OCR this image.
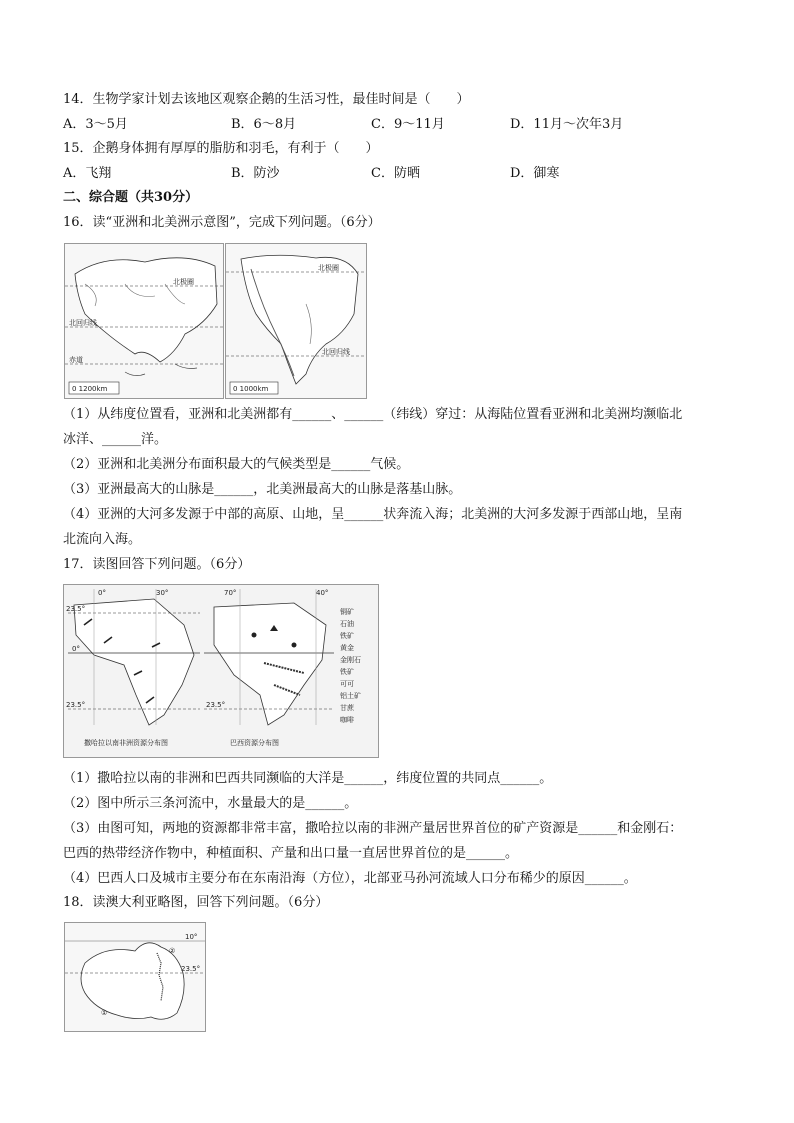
14．生物学家计划去该地区观察企鹅的生活习性，最佳时间是（　　）
A．3～5月	B．6～8月	C．9～11月	D．11月～次年3月
15．企鹅身体拥有厚厚的脂肪和羽毛，有利于（　　）
A．飞翔	B．防沙	C．防晒	D．御寒
二、综合题（共30分）
16．读“亚洲和北美洲示意图”，完成下列问题。（6分）
北极圈
北回归线
赤道
0 1200km
北极圈
北回归线
0 1000km
（1）从纬度位置看，亚洲和北美洲都有______、______（纬线）穿过：从海陆位置看亚洲和北美洲均濒临北
冰洋、______洋。
（2）亚洲和北美洲分布面积最大的气候类型是______气候。
（3）亚洲最高大的山脉是______，北美洲最高大的山脉是落基山脉。
（4）亚洲的大河多发源于中部的高原、山地，呈______状奔流入海；北美洲的大河多发源于西部山地，呈南
北流向入海。
17．读图回答下列问题。（6分）
0°	30°
23.5°
0°
23.5°
70°	40°
23.5°
撒哈拉以南非洲资源分布图	巴西资源分布图
铜矿
石油
铁矿
黄金
金刚石
铁矿
可可
铝土矿
甘蔗
咖啡
（1）撒哈拉以南的非洲和巴西共同濒临的大洋是______，纬度位置的共同点______。
（2）图中所示三条河流中，水量最大的是______。
（3）由图可知，两地的资源都非常丰富，撒哈拉以南的非洲产量居世界首位的矿产资源是______和金刚石：
巴西的热带经济作物中，种植面积、产量和出口量一直居世界首位的是______。
（4）巴西人口及城市主要分布在东南沿海（方位），北部亚马孙河流域人口分布稀少的原因______。
18．读澳大利亚略图，回答下列问题。（6分）
10°
23.5°
①
②
